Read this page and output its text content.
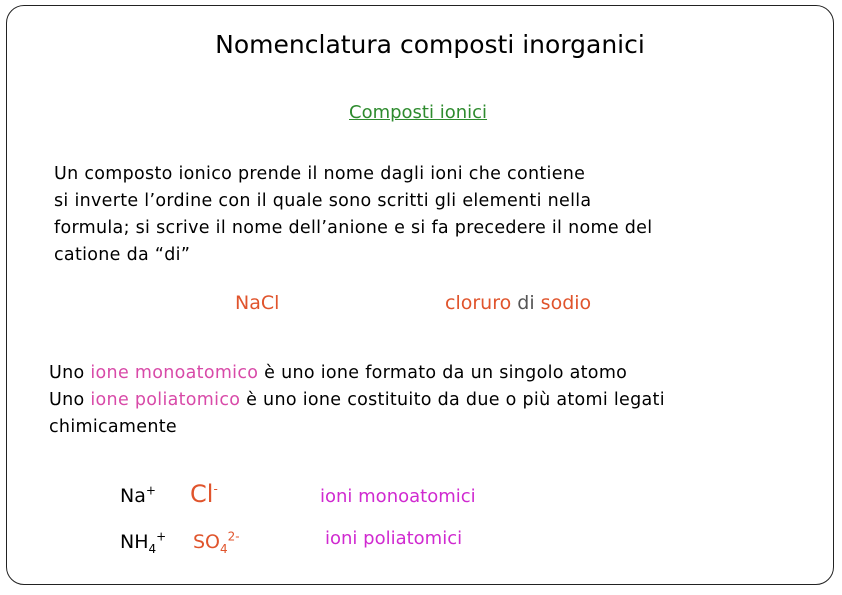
Nomenclatura composti inorganici
Composti ionici
Un composto ionico prende il nome dagli ioni che contiene
si inverte l’ordine con il quale sono scritti gli elementi nella
formula; si scrive il nome dell’anione e si fa precedere il nome del
catione da “di”
NaCl	cloruro di sodio
Uno ione monoatomico è uno ione formato da un singolo atomo
Uno ione poliatomico è uno ione costituito da due o più atomi legati
chimicamente
Na+ Cl-	ioni monoatomici
$NH_4^+$ $SO_4^{2-}$	ioni poliatomici
